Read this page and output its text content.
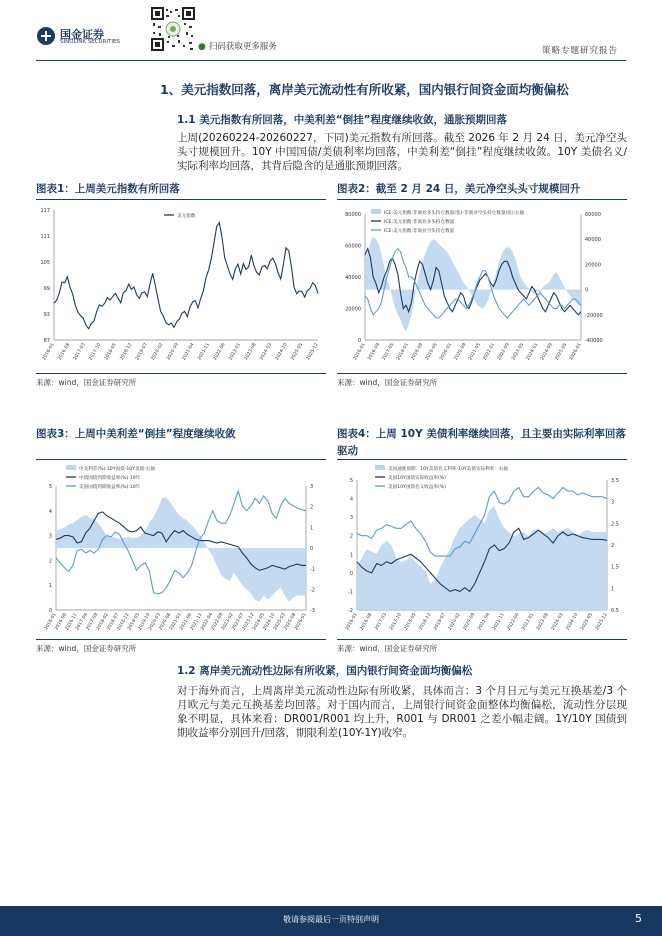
国金证券
SINOLINK SECURITIES	● 扫码获取更多服务	策略专题研究报告
1、美元指数回落，离岸美元流动性有所收紧，国内银行间资金面均衡偏松
1.1 美元指数有所回落，中美利差“倒挂”程度继续收敛，通胀预期回落
上周(20260224-20260227，下同)美元指数有所回落。截至 2026 年 2 月 24 日，美元净空头头寸规模回升。10Y 中国国债/美债利率均回落，中美利差“倒挂”程度继续收敛。10Y 美债名义/实际利率均回落，其背后隐含的是通胀预期回落。
图表1：上周美元指数有所回落
87
93
99
105
111
117
2016-01 2016-08 2017-03 2017-10 2018-05 2018-12 2019-07 2020-02 2020-09 2021-04 2021-11 2022-06 2023-01 2023-08 2024-03 2024-10 2025-05 2025-12
美元指数
来源：wind，国金证券研究所
图表2：截至 2 月 24 日，美元净空头头寸规模回升
0
20000
40000
60000
80000
-40000
-20000
0
20000
40000
60000
2016-01 2016-09 2017-05 2018-01 2018-09 2019-05 2020-01 2020-09 2021-05 2022-01 2022-09 2023-05 2024-01 2024-09 2025-05 2026-01
ICE:美元指数:非商业多头持仓数量(张)-非商业空头持仓数量(张):右轴
ICE:美元指数:非商业多头持仓数量
ICE:美元指数:非商业空头持仓数量
来源：wind，国金证券研究所
图表3：上周中美利差“倒挂”程度继续收敛
0
1
2
3
4
5
-3
-2
-1
0
1
2
3
2016-01
2016-06
2016-11
2017-04
2017-09
2018-02
2018-07
2018-12
2019-05
2019-10
2020-03
2020-08
2021-01
2021-06
2021-11
2022-04
2022-09
2023-02
2023-07
2023-12
2024-05
2024-10
2025-03
2025-08
2026-01
中美利差(%):10Y国债-10Y美债:右轴
中债国债到期收益率(%):10年
美国国债到期收益率(%):10年
来源：wind，国金证券研究所
图表4：上周 10Y 美债利率继续回落，且主要由实际利率回落驱动
-2
-1
0
1
2
3
4
5
0.5
1
1.5
2
2.5
3
3.5
2016-01 2016-08 2017-03 2017-10 2018-05 2018-12 2019-07 2020-02 2020-09 2021-04 2021-11 2022-06 2023-01 2023-08 2024-03 2024-10 2025-05 2025-12
美国通胀预期：10Y美债名义利率-10Y美债实际利率：右轴
美国10Y国债实际收益率(%)
美国10Y国债名义收益率(%)
来源：wind，国金证券研究所
1.2 离岸美元流动性边际有所收紧，国内银行间资金面均衡偏松
对于海外而言，上周离岸美元流动性边际有所收紧，具体而言：3 个月日元与美元互换基差/3 个月欧元与美元互换基差均回落。对于国内而言，上周银行间资金面整体均衡偏松，流动性分层现象不明显，具体来看：DR001/R001 均上升，R001 与 DR001 之差小幅走阔。1Y/10Y 国债到期收益率分别回升/回落，期限利差(10Y-1Y)收窄。
敬请参阅最后一页特别声明	5
